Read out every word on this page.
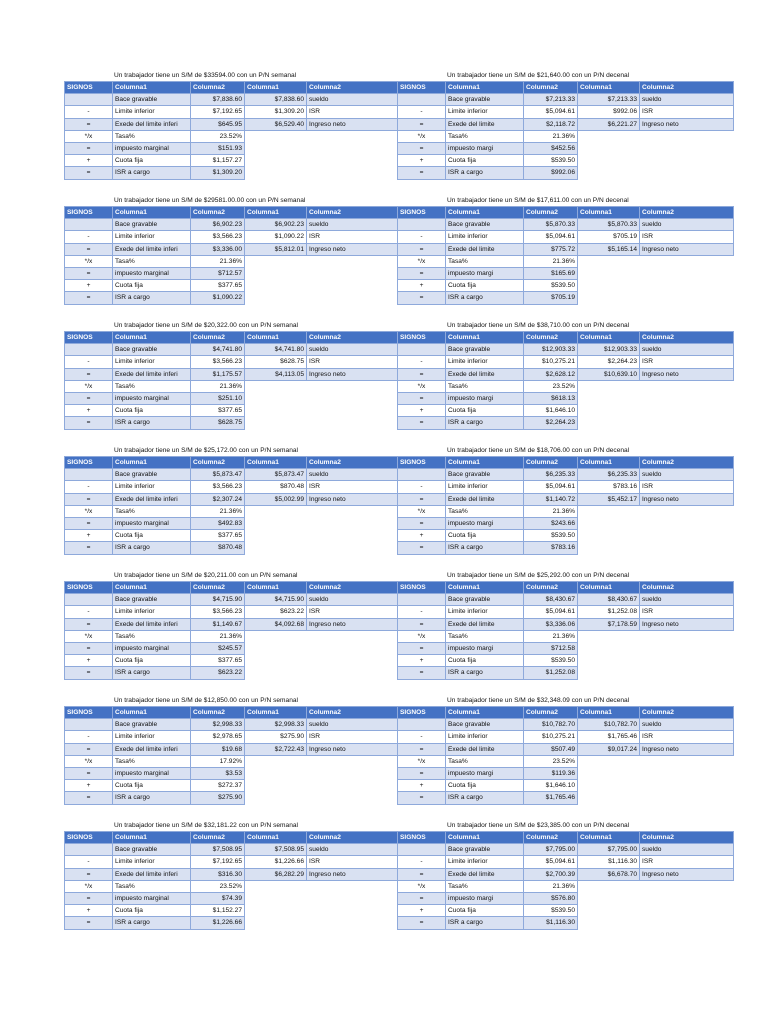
Un trabajador tiene un S/M de $33594.00 con un P/N semanal
SIGNOS	Columna1	Columna2	Columna1	Columna2
	Bace gravable	$7,838.60	$7,838.60	sueldo
-	Limite inferior	$7,192.65	$1,309.20	ISR
=	Exede del limite inferi	$645.95	$6,529.40	Ingreso neto
*/x	Tasa%	23.52%		
=	impuesto marginal	$151.93		
+	Cuota fija	$1,157.27		
=	ISR a cargo	$1,309.20		
Un trabajador tiene un S/M de $21,640.00 con un P/N decenal
SIGNOS	Columna1	Columna2	Columna1	Columna2
	Bace gravable	$7,213.33	$7,213.33	sueldo
-	Limite inferior	$5,094.61	$992.06	ISR
=	Exede del limite	$2,118.72	$6,221.27	Ingreso neto
*/x	Tasa%	21.36%		
=	impuesto margi	$452.56		
+	Cuota fija	$539.50		
=	ISR a cargo	$992.06		
Un trabajador tiene un S/M de $29581.00.00 con un P/N semanal
SIGNOS	Columna1	Columna2	Columna1	Columna2
	Bace gravable	$6,902.23	$6,902.23	sueldo
-	Limite inferior	$3,566.23	$1,090.22	ISR
=	Exede del limite inferi	$3,336.00	$5,812.01	Ingreso neto
*/x	Tasa%	21.36%		
=	impuesto marginal	$712.57		
+	Cuota fija	$377.65		
=	ISR a cargo	$1,090.22		
Un trabajador tiene un S/M de $17,611.00 con un P/N decenal
SIGNOS	Columna1	Columna2	Columna1	Columna2
	Bace gravable	$5,870.33	$5,870.33	sueldo
-	Limite inferior	$5,094.61	$705.19	ISR
=	Exede del limite	$775.72	$5,165.14	Ingreso neto
*/x	Tasa%	21.36%		
=	impuesto margi	$165.69		
+	Cuota fija	$539.50		
=	ISR a cargo	$705.19		
Un trabajador tiene un S/M de $20,322.00 con un P/N semanal
SIGNOS	Columna1	Columna2	Columna1	Columna2
	Bace gravable	$4,741.80	$4,741.80	sueldo
-	Limite inferior	$3,566.23	$628.75	ISR
=	Exede del limite inferi	$1,175.57	$4,113.05	Ingreso neto
*/x	Tasa%	21.36%		
=	impuesto marginal	$251.10		
+	Cuota fija	$377.65		
=	ISR a cargo	$628.75		
Un trabajador tiene un S/M de $38,710.00 con un P/N decenal
SIGNOS	Columna1	Columna2	Columna1	Columna2
	Bace gravable	$12,903.33	$12,903.33	sueldo
-	Limite inferior	$10,275.21	$2,264.23	ISR
=	Exede del limite	$2,628.12	$10,639.10	Ingreso neto
*/x	Tasa%	23.52%		
=	impuesto margi	$618.13		
+	Cuota fija	$1,646.10		
=	ISR a cargo	$2,264.23		
Un trabajador tiene un S/M de $25,172.00 con un P/N semanal
SIGNOS	Columna1	Columna2	Columna1	Columna2
	Bace gravable	$5,873.47	$5,873.47	sueldo
-	Limite inferior	$3,566.23	$870.48	ISR
=	Exede del limite inferi	$2,307.24	$5,002.99	Ingreso neto
*/x	Tasa%	21.36%		
=	impuesto marginal	$492.83		
+	Cuota fija	$377.65		
=	ISR a cargo	$870.48		
Un trabajador tiene un S/M de $18,706.00 con un P/N decenal
SIGNOS	Columna1	Columna2	Columna1	Columna2
	Bace gravable	$6,235.33	$6,235.33	sueldo
-	Limite inferior	$5,094.61	$783.16	ISR
=	Exede del limite	$1,140.72	$5,452.17	Ingreso neto
*/x	Tasa%	21.36%		
=	impuesto margi	$243.66		
+	Cuota fija	$539.50		
=	ISR a cargo	$783.16		
Un trabajador tiene un S/M de $20,211.00 con un P/N semanal
SIGNOS	Columna1	Columna2	Columna1	Columna2
	Bace gravable	$4,715.90	$4,715.90	sueldo
-	Limite inferior	$3,566.23	$623.22	ISR
=	Exede del limite inferi	$1,149.67	$4,092.68	Ingreso neto
*/x	Tasa%	21.36%		
=	impuesto marginal	$245.57		
+	Cuota fija	$377.65		
=	ISR a cargo	$623.22		
Un trabajador tiene un S/M de $25,292.00 con un P/N decenal
SIGNOS	Columna1	Columna2	Columna1	Columna2
	Bace gravable	$8,430.67	$8,430.67	sueldo
-	Limite inferior	$5,094.61	$1,252.08	ISR
=	Exede del limite	$3,336.06	$7,178.59	Ingreso neto
*/x	Tasa%	21.36%		
=	impuesto margi	$712.58		
+	Cuota fija	$539.50		
=	ISR a cargo	$1,252.08		
Un trabajador tiene un S/M de $12,850.00 con un P/N semanal
SIGNOS	Columna1	Columna2	Columna1	Columna2
	Bace gravable	$2,998.33	$2,998.33	sueldo
-	Limite inferior	$2,978.65	$275.90	ISR
=	Exede del limite inferi	$19.68	$2,722.43	Ingreso neto
*/x	Tasa%	17.92%		
=	impuesto marginal	$3.53		
+	Cuota fija	$272.37		
=	ISR a cargo	$275.90		
Un trabajador tiene un S/M de $32,348.09 con un P/N decenal
SIGNOS	Columna1	Columna2	Columna1	Columna2
	Bace gravable	$10,782.70	$10,782.70	sueldo
-	Limite inferior	$10,275.21	$1,765.46	ISR
=	Exede del limite	$507.49	$9,017.24	Ingreso neto
*/x	Tasa%	23.52%		
=	impuesto margi	$119.36		
+	Cuota fija	$1,646.10		
=	ISR a cargo	$1,765.46		
Un trabajador tiene un S/M de $32,181.22 con un P/N semanal
SIGNOS	Columna1	Columna2	Columna1	Columna2
	Bace gravable	$7,508.95	$7,508.95	sueldo
-	Limite inferior	$7,192.65	$1,226.66	ISR
=	Exede del limite inferi	$316.30	$6,282.29	Ingreso neto
*/x	Tasa%	23.52%		
=	impuesto marginal	$74.39		
+	Cuota fija	$1,152.27		
=	ISR a cargo	$1,226.66		
Un trabajador tiene un S/M de $23,385.00 con un P/N decenal
SIGNOS	Columna1	Columna2	Columna1	Columna2
	Bace gravable	$7,795.00	$7,795.00	sueldo
-	Limite inferior	$5,094.61	$1,116.30	ISR
=	Exede del limite	$2,700.39	$6,678.70	Ingreso neto
*/x	Tasa%	21.36%		
=	impuesto margi	$576.80		
+	Cuota fija	$539.50		
=	ISR a cargo	$1,116.30		
